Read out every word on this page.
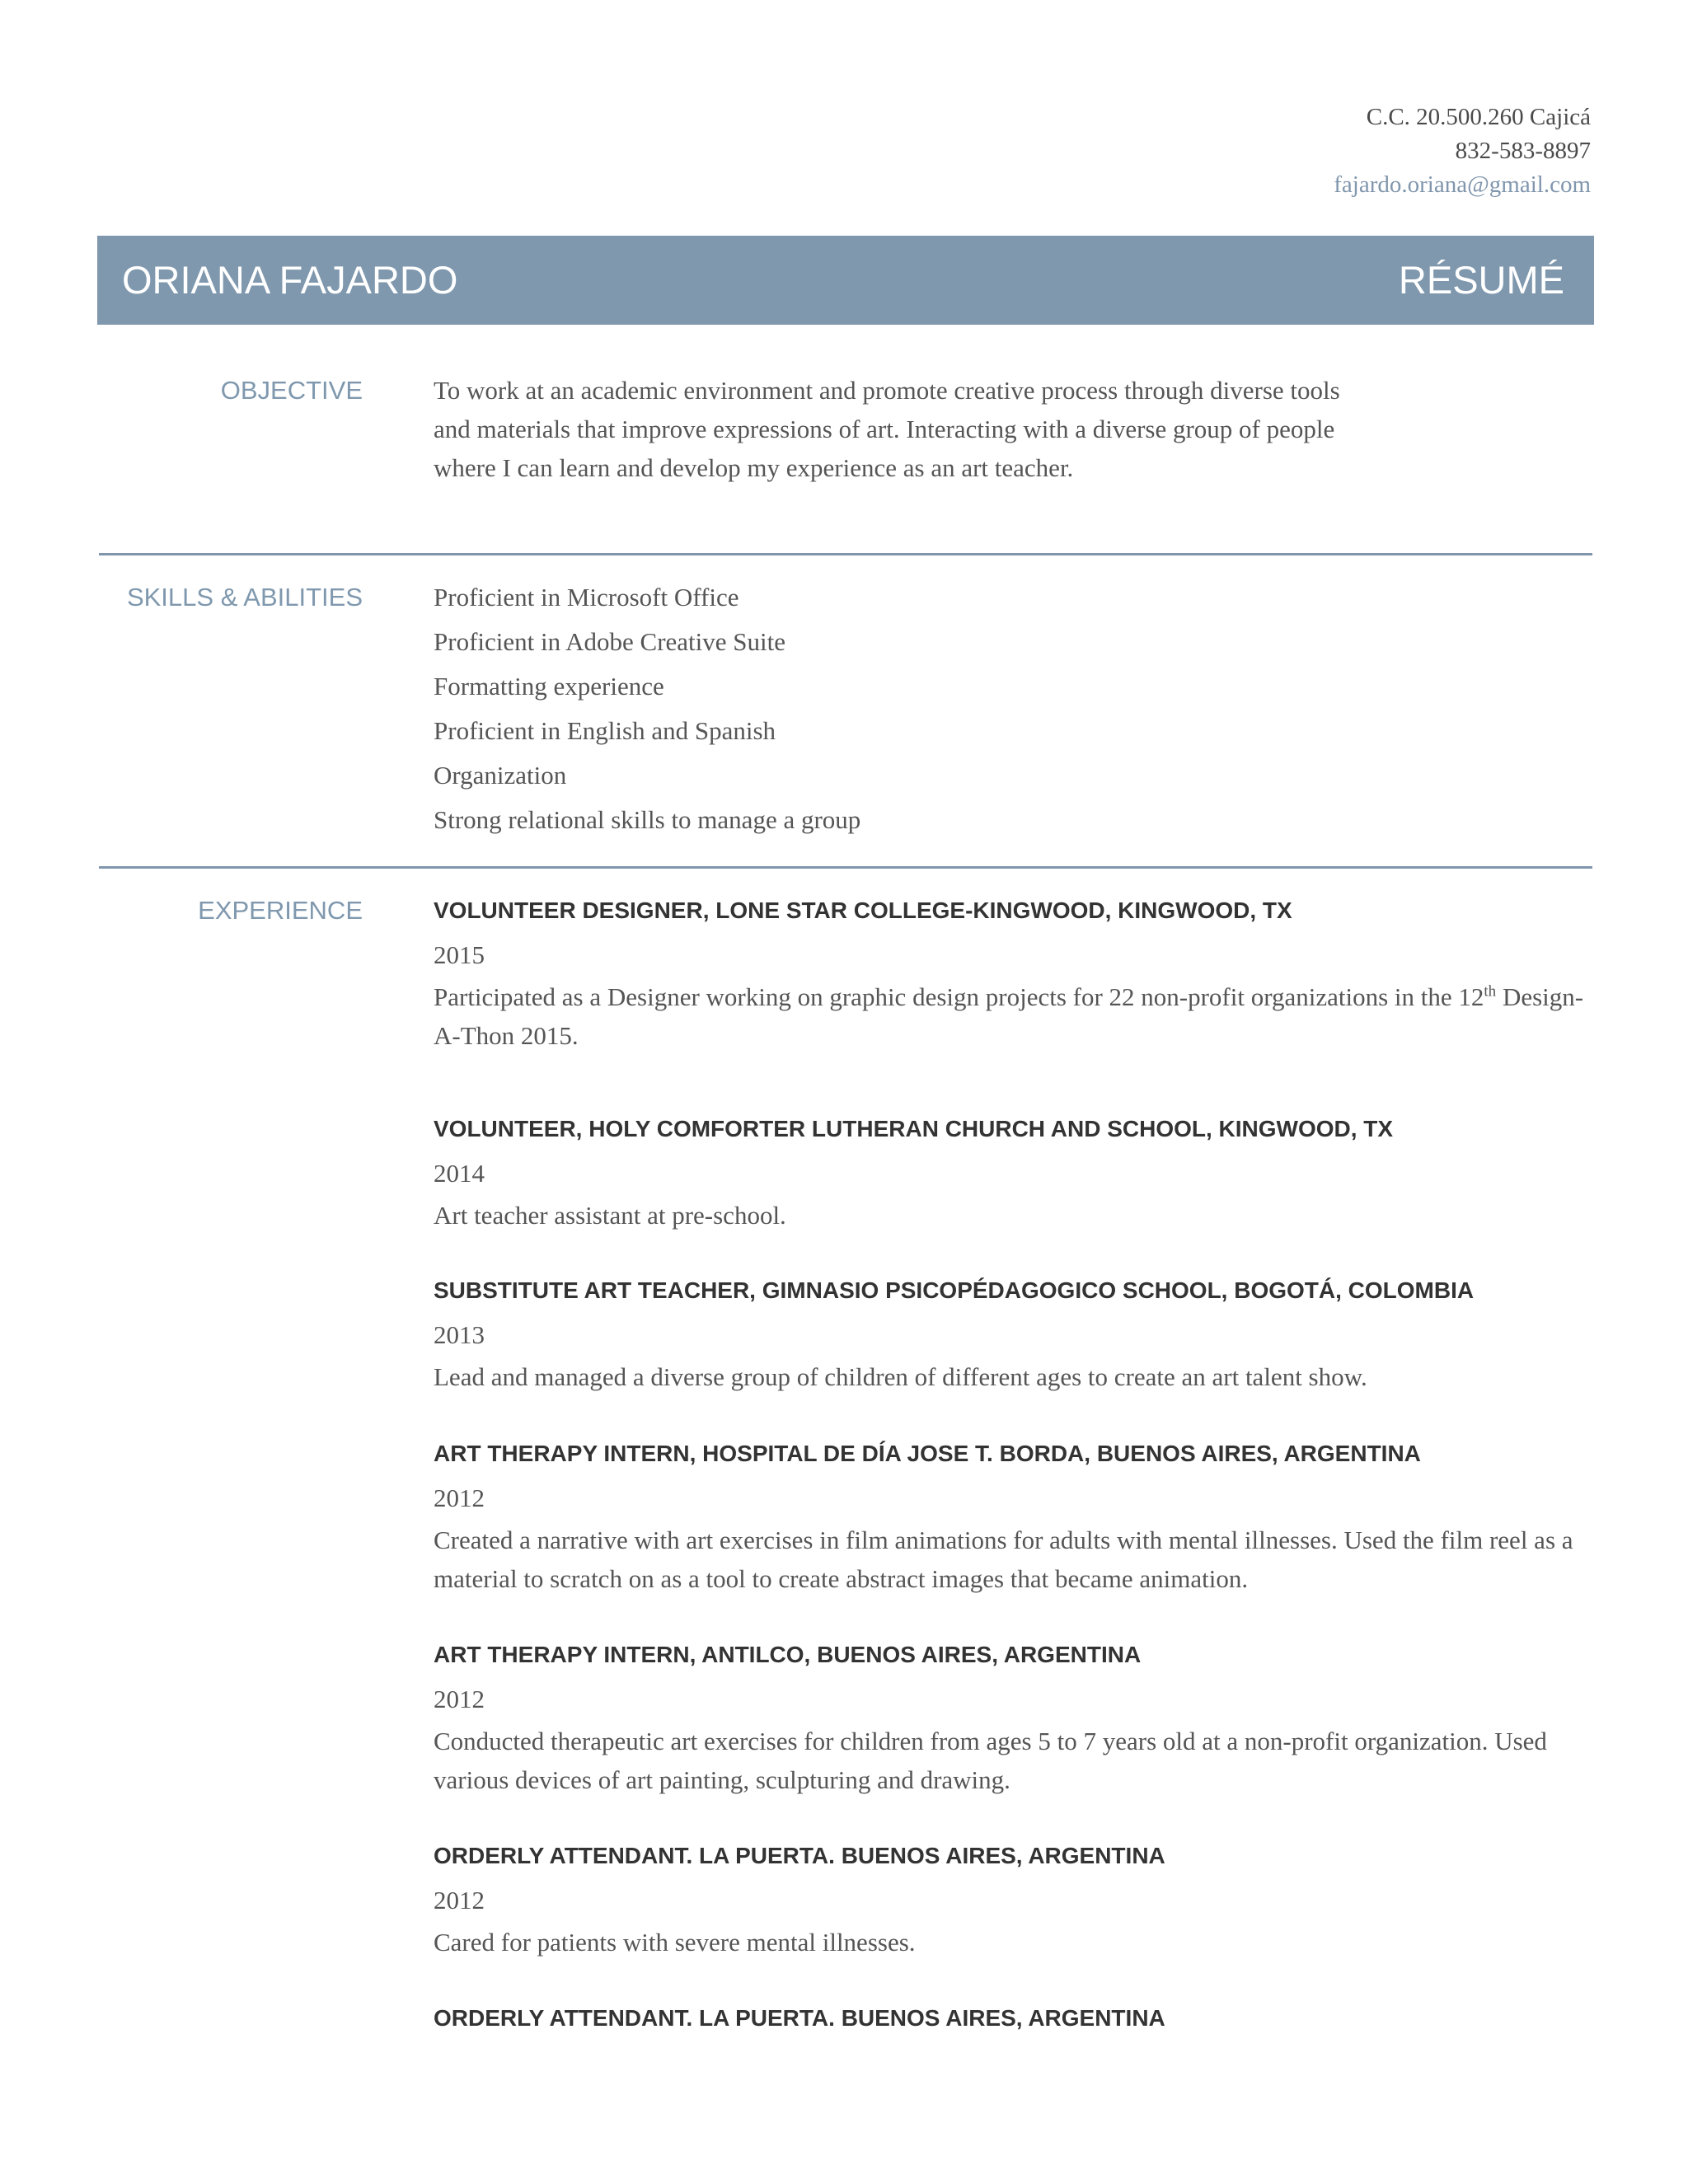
C.C. 20.500.260 Cajicá
832-583-8897
fajardo.oriana@gmail.com
ORIANA FAJARDO	RÉSUMÉ
OBJECTIVE	To work at an academic environment and promote creative process through diverse tools and materials that improve expressions of art. Interacting with a diverse group of people where I can learn and develop my experience as an art teacher.
SKILLS & ABILITIES	Proficient in Microsoft Office
Proficient in Adobe Creative Suite
Formatting experience
Proficient in English and Spanish
Organization
Strong relational skills to manage a group
EXPERIENCE	VOLUNTEER DESIGNER, LONE STAR COLLEGE-KINGWOOD, KINGWOOD, TX
2015
Participated as a Designer working on graphic design projects for 22 non-profit organizations in the 12th Design-A-Thon 2015.
VOLUNTEER, HOLY COMFORTER LUTHERAN CHURCH AND SCHOOL, KINGWOOD, TX
2014
Art teacher assistant at pre-school.
SUBSTITUTE ART TEACHER, GIMNASIO PSICOPÉDAGOGICO SCHOOL, BOGOTÁ, COLOMBIA
2013
Lead and managed a diverse group of children of different ages to create an art talent show.
ART THERAPY INTERN, HOSPITAL DE DÍA JOSE T. BORDA, BUENOS AIRES, ARGENTINA
2012
Created a narrative with art exercises in film animations for adults with mental illnesses. Used the film reel as a material to scratch on as a tool to create abstract images that became animation.
ART THERAPY INTERN, ANTILCO, BUENOS AIRES, ARGENTINA
2012
Conducted therapeutic art exercises for children from ages 5 to 7 years old at a non-profit organization. Used various devices of art painting, sculpturing and drawing.
ORDERLY ATTENDANT. LA PUERTA. BUENOS AIRES, ARGENTINA
2012
Cared for patients with severe mental illnesses.
ORDERLY ATTENDANT. LA PUERTA. BUENOS AIRES, ARGENTINA
